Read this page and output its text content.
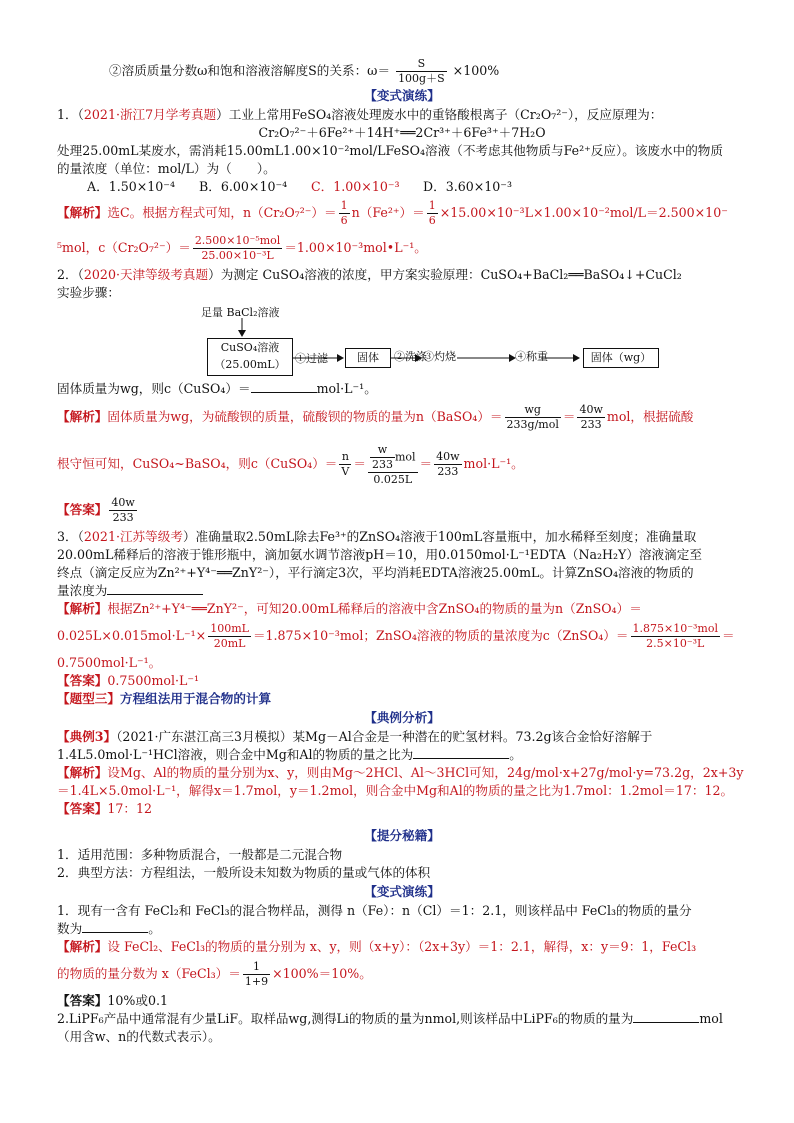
②溶质质量分数ω和饱和溶液溶解度S的关系：$\omega= \frac{S}{100g+S} \times 100\%$
【变式演练】
1．（2021·浙江7月学考真题）工业上常用FeSO₄溶液处理废水中的重铬酸根离子（Cr₂O₇²⁻），反应原理为：
Cr₂O₇²⁻＋6Fe²⁺＋14H⁺══2Cr³⁺＋6Fe³⁺＋7H₂O
处理25.00mL某废水，需消耗15.00mL1.00×10⁻²mol/LFeSO₄溶液（不考虑其他物质与Fe²⁺反应）。该废水中的物质
的量浓度（单位：mol/L）为（　　）。
A．1.50×10⁻⁴ B．6.00×10⁻⁴ C．1.00×10⁻³ D．3.60×10⁻³
【解析】选C。根据方程式可知，$n(Cr_2O_7^{2-})= \frac{1}{6} n(Fe^{2+})= \frac{1}{6} \times 15.00\times 10^{-3}L\times 1.00\times 10^{-2}mol/L=2.500\times 10^-$
⁵mol，$c(Cr_2O_7^{2-})= \frac{\text{2.500×10⁻⁵mol}}{\text{25.00×10⁻³L}}$ ＝1.00×10⁻³mol•L⁻¹。
2．（2020·天津等级考真题）为测定 CuSO₄溶液的浓度，甲方案实验原理：CuSO₄+BaCl₂══BaSO₄↓+CuCl₂
实验步骤：
足量 BaCl₂溶液
CuSO₄溶液
（25.00mL） ①过滤	固体	②洗涤
③灼烧	④称重	固体（wg）
固体质量为wg，则c（CuSO₄）＝	mol·L⁻¹。
【解析】固体质量为wg，为硫酸钡的质量，硫酸钡的物质的量为n（BaSO₄）＝ $\frac{wg}{\text{233g/mol}} = \frac{40w}{233}$ mol，根据硫酸
根守恒可知，CuSO₄~BaSO₄，则c（CuSO₄）＝ $\frac{n}{V} = \frac{\frac{w}{233} mol}{0.025L} = \frac{40w}{233} mol\cdot L^{-1}$。
【答案】 $\frac{40w}{233}$
3．（2021·江苏等级考）准确量取2.50mL除去Fe³⁺的ZnSO₄溶液于100mL容量瓶中，加水稀释至刻度；准确量取
20.00mL稀释后的溶液于锥形瓶中，滴加氨水调节溶液pH＝10，用0.0150mol·L⁻¹EDTA（Na₂H₂Y）溶液滴定至
终点（滴定反应为Zn²⁺+Y⁴⁻══ZnY²⁻），平行滴定3次，平均消耗EDTA溶液25.00mL。计算ZnSO₄溶液的物质的
量浓度为
【解析】根据Zn²⁺+Y⁴⁻══ZnY²⁻，可知20.00mL稀释后的溶液中含ZnSO₄的物质的量为n（ZnSO₄）＝
$0.025L\times 0.015mol\cdot L^{-1}\times \frac{100mL}{20mL} =1.875\times 10^{-3}mol$；ZnSO₄溶液的物质的量浓度为c（ZnSO₄）＝ $\frac{\text{1.875×10⁻³mol}}{\text{2.5×10⁻³L}}$ ＝
0.7500mol·L⁻¹。
【答案】0.7500mol·L⁻¹
【题型三】方程组法用于混合物的计算
【典例分析】
【典例3】（2021·广东湛江高三3月模拟）某Mg－Al合金是一种潜在的贮氢材料。73.2g该合金恰好溶解于
1.4L5.0mol·L⁻¹HCl溶液，则合金中Mg和Al的物质的量之比为	。
【解析】设Mg、Al的物质的量分别为x、y，则由Mg～2HCl、Al～3HCl可知，24g/mol·x+27g/mol·y=73.2g，2x+3y
＝1.4L×5.0mol·L⁻¹，解得x＝1.7mol，y＝1.2mol，则合金中Mg和Al的物质的量之比为1.7mol：1.2mol＝17：12。
【答案】17：12
【提分秘籍】
1．适用范围：多种物质混合，一般都是二元混合物
2．典型方法：方程组法，一般所设未知数为物质的量或气体的体积
【变式演练】
1．现有一含有 FeCl₂和 FeCl₃的混合物样品，测得 n（Fe）：n（Cl）＝1：2.1，则该样品中 FeCl₃的物质的量分
数为	。
【解析】设 FeCl₂、FeCl₃的物质的量分别为 x、y，则（x+y）：（2x+3y）＝1：2.1，解得，x：y＝9：1，FeCl₃
的物质的量分数为 x（FeCl₃）＝ $\frac{1}{1+9} \times 100\%=10\%$。
【答案】10%或0.1
2.LiPF₆产品中通常混有少量LiF。取样品wg,测得Li的物质的量为nmol,则该样品中LiPF₆的物质的量为	mol
（用含w、n的代数式表示）。
